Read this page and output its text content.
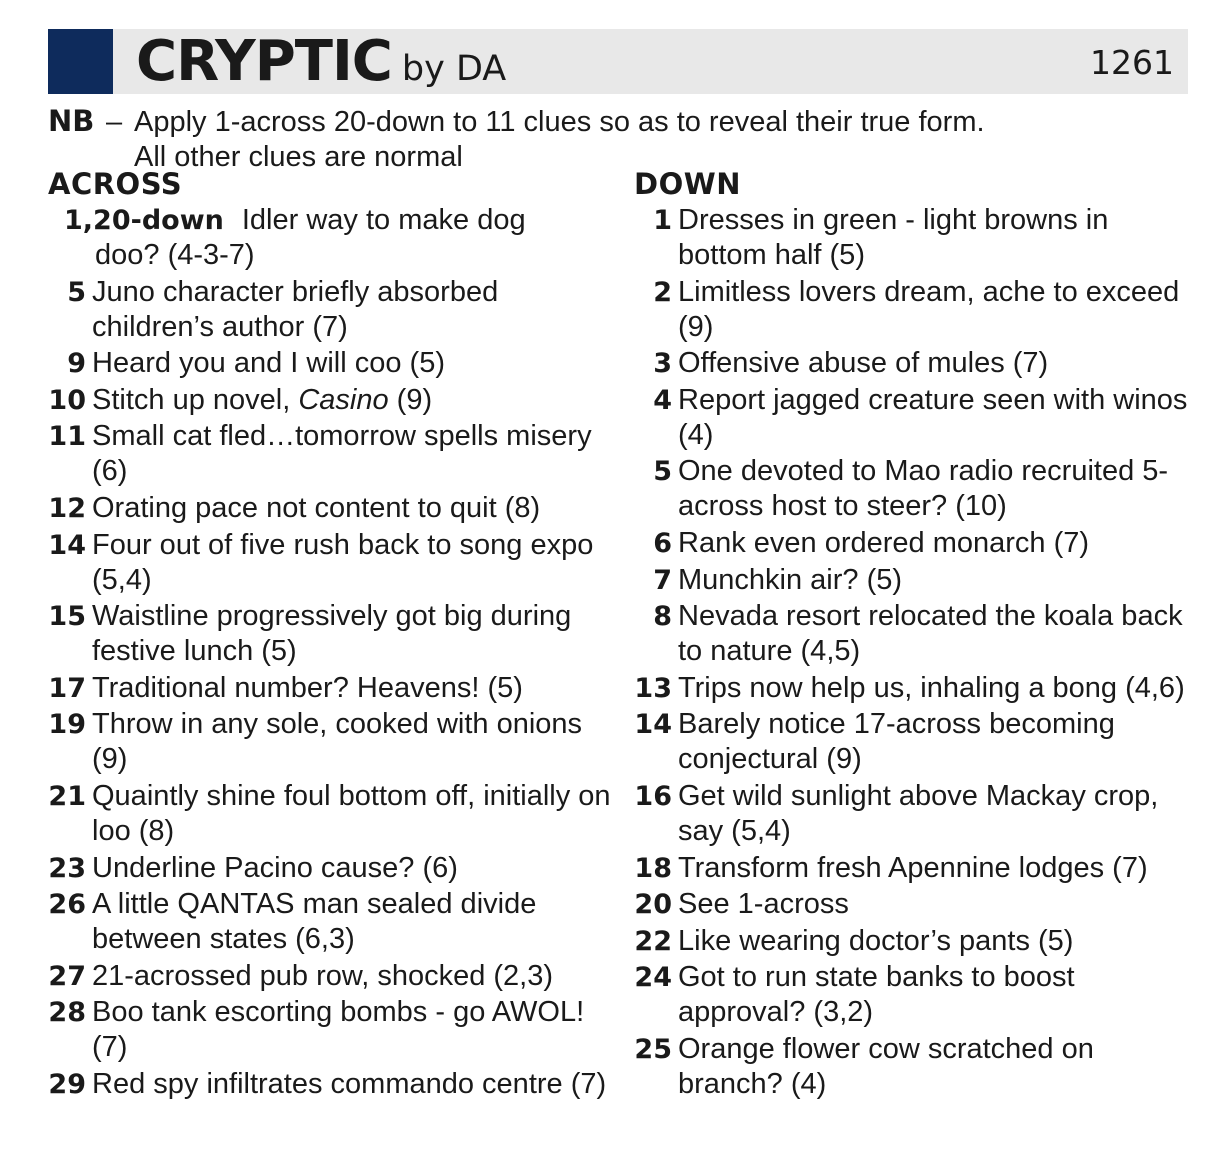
CRYPTIC by DA	1261
NB – Apply 1-across 20-down to 11 clues so as to reveal their true form.
All other clues are normal
ACROSS
1,20-down Idler way to make dog
doo? (4-3-7)
5 Juno character briefly absorbed children’s author (7)
9 Heard you and I will coo (5)
10 Stitch up novel, Casino (9)
11 Small cat fled…tomorrow spells misery (6)
12 Orating pace not content to quit (8)
14 Four out of five rush back to song expo (5,4)
15 Waistline progressively got big during festive lunch (5)
17 Traditional number? Heavens! (5)
19 Throw in any sole, cooked with onions (9)
21 Quaintly shine foul bottom off, initially on loo (8)
23 Underline Pacino cause? (6)
26 A little QANTAS man sealed divide between states (6,3)
27 21-acrossed pub row, shocked (2,3)
28 Boo tank escorting bombs - go AWOL! (7)
29 Red spy infiltrates commando centre (7)
DOWN
1 Dresses in green - light browns in bottom half (5)
2 Limitless lovers dream, ache to exceed (9)
3 Offensive abuse of mules (7)
4 Report jagged creature seen with winos (4)
5 One devoted to Mao radio recruited 5-across host to steer? (10)
6 Rank even ordered monarch (7)
7 Munchkin air? (5)
8 Nevada resort relocated the koala back to nature (4,5)
13 Trips now help us, inhaling a bong (4,6)
14 Barely notice 17-across becoming conjectural (9)
16 Get wild sunlight above Mackay crop, say (5,4)
18 Transform fresh Apennine lodges (7)
20 See 1-across
22 Like wearing doctor’s pants (5)
24 Got to run state banks to boost approval? (3,2)
25 Orange flower cow scratched on branch? (4)
